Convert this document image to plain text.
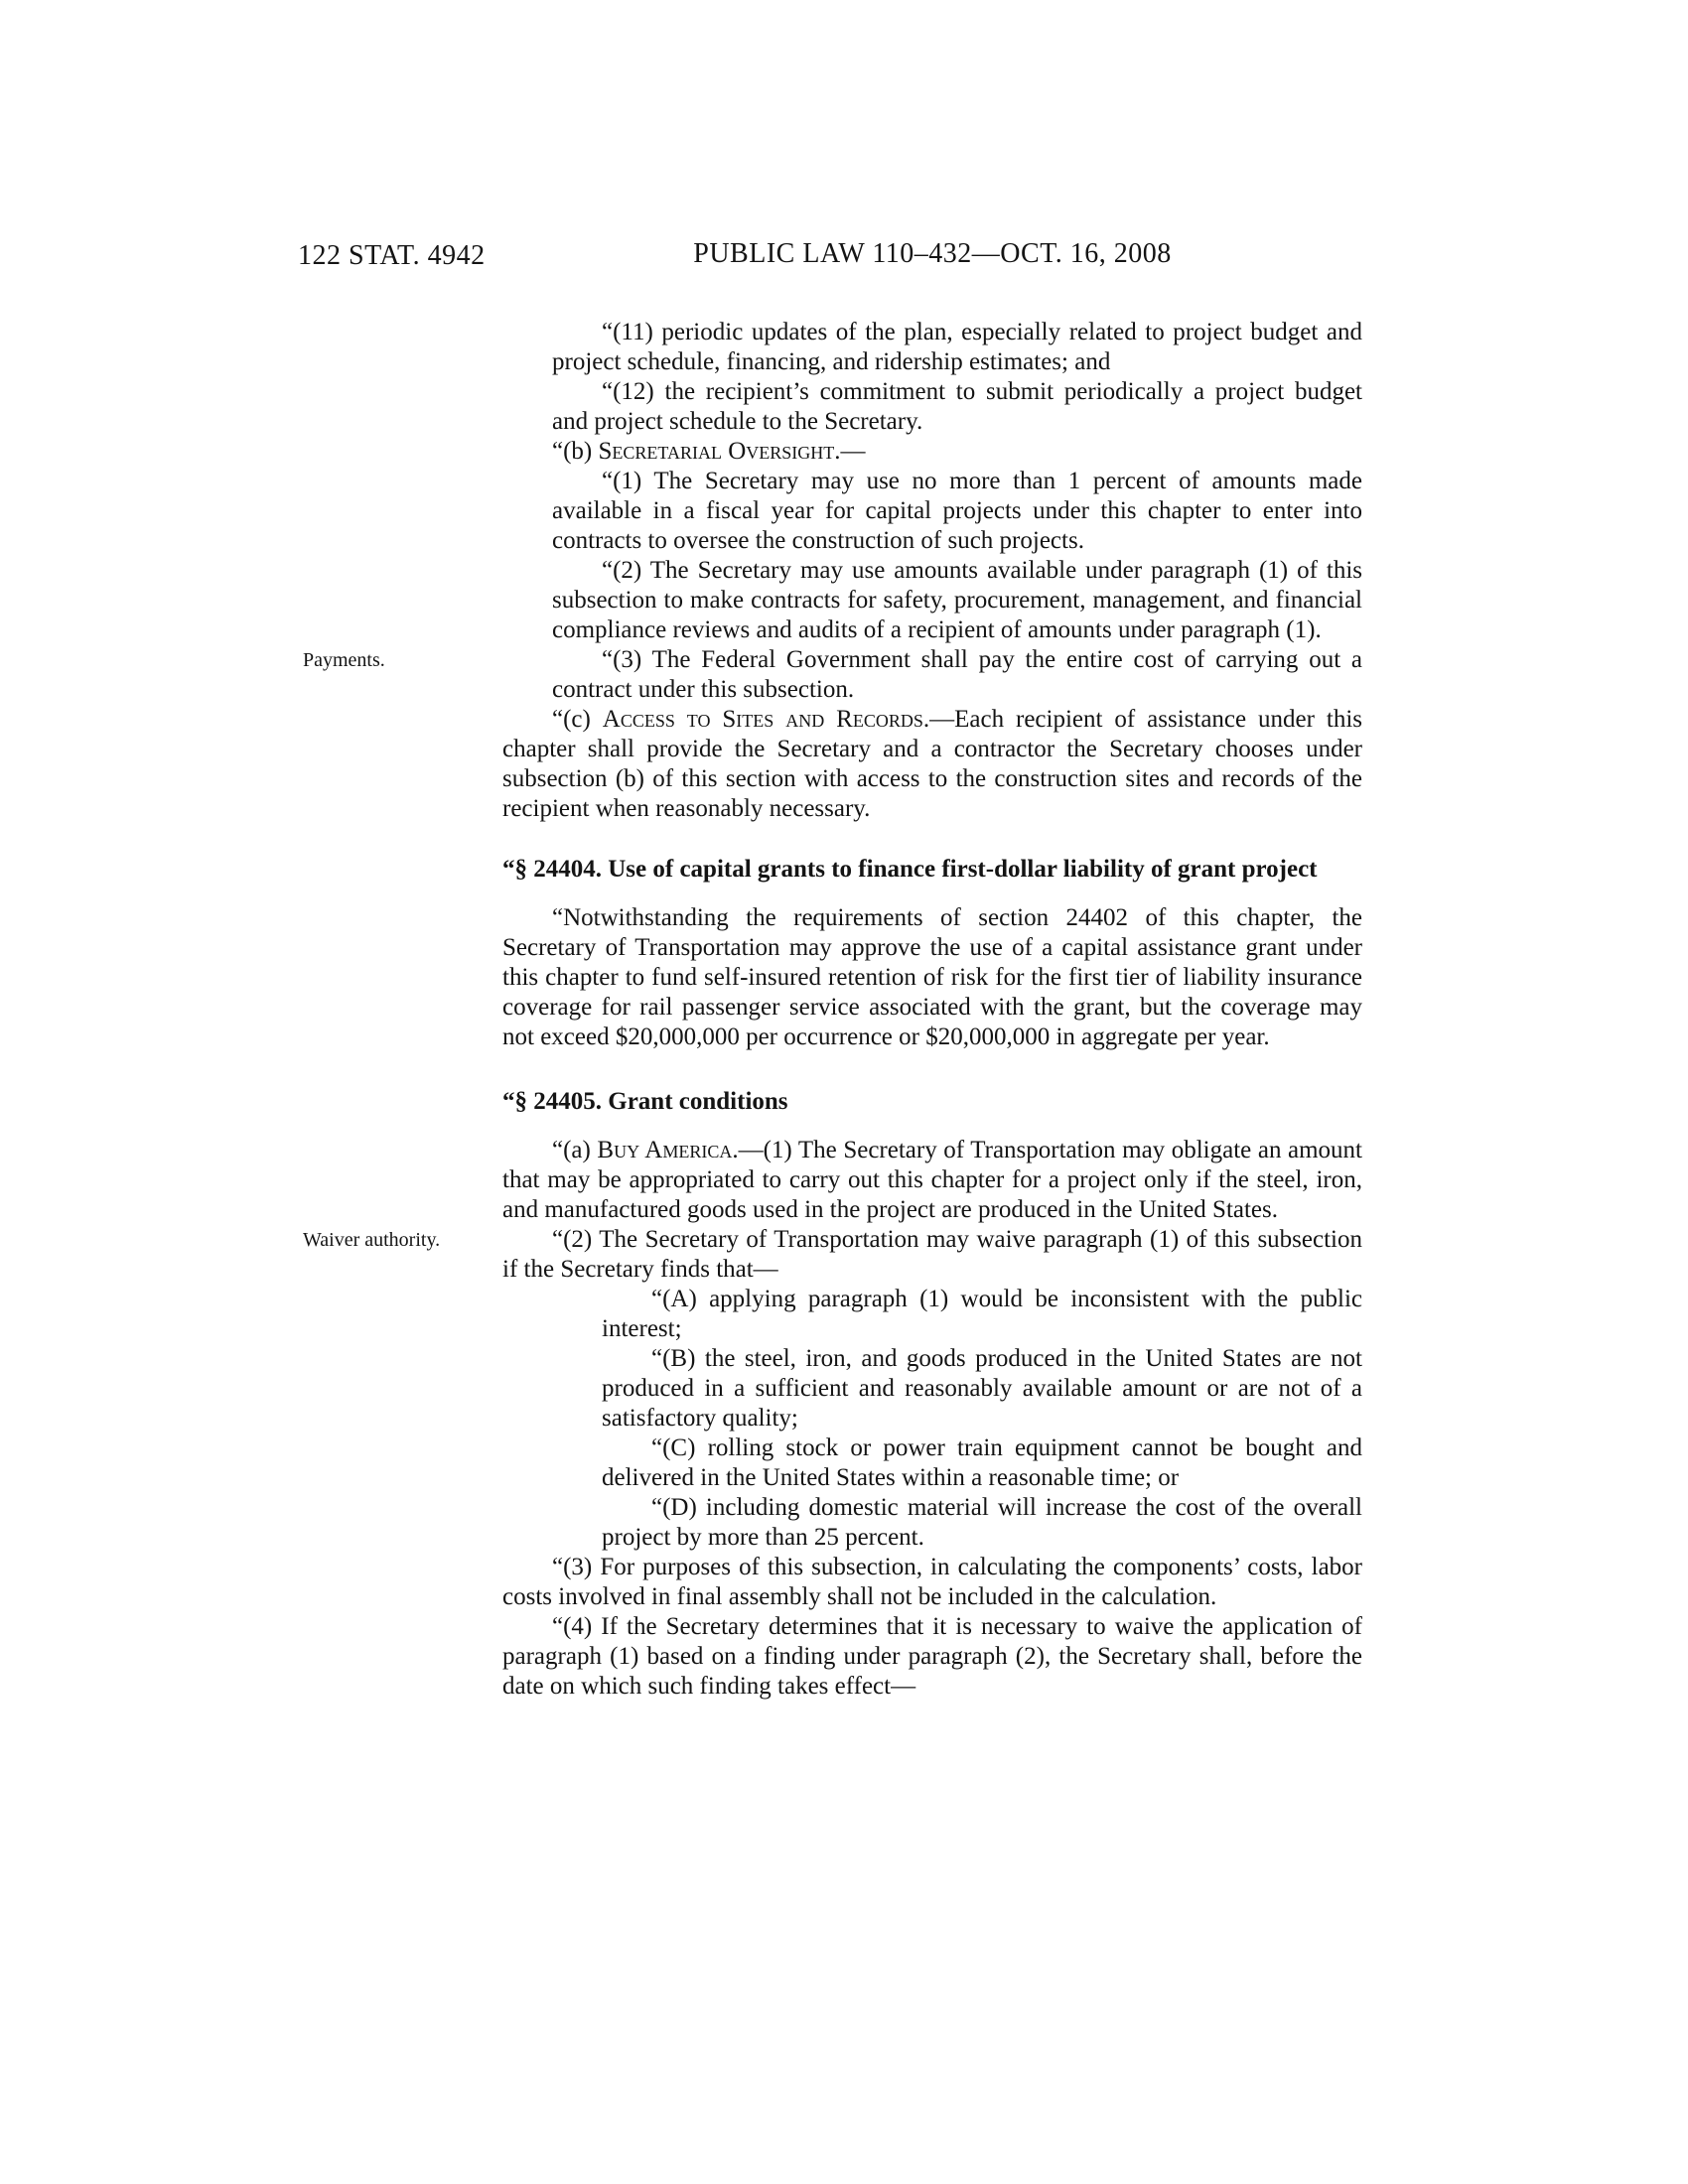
122 STAT. 4942	PUBLIC LAW 110–432—OCT. 16, 2008

“(11) periodic updates of the plan, especially related to project budget and project schedule, financing, and ridership estimates; and

“(12) the recipient’s commitment to submit periodically a project budget and project schedule to the Secretary.

“(b) Secretarial Oversight.—

“(1) The Secretary may use no more than 1 percent of amounts made available in a fiscal year for capital projects under this chapter to enter into contracts to oversee the construction of such projects.

“(2) The Secretary may use amounts available under paragraph (1) of this subsection to make contracts for safety, procurement, management, and financial compliance reviews and audits of a recipient of amounts under paragraph (1).

Payments.	“(3) The Federal Government shall pay the entire cost of carrying out a contract under this subsection.

“(c) Access to Sites and Records.—Each recipient of assistance under this chapter shall provide the Secretary and a contractor the Secretary chooses under subsection (b) of this section with access to the construction sites and records of the recipient when reasonably necessary.

“§ 24404. Use of capital grants to finance first-dollar liability of grant project

“Notwithstanding the requirements of section 24402 of this chapter, the Secretary of Transportation may approve the use of a capital assistance grant under this chapter to fund self-insured retention of risk for the first tier of liability insurance coverage for rail passenger service associated with the grant, but the coverage may not exceed $20,000,000 per occurrence or $20,000,000 in aggregate per year.

“§ 24405. Grant conditions

“(a) Buy America.—(1) The Secretary of Transportation may obligate an amount that may be appropriated to carry out this chapter for a project only if the steel, iron, and manufactured goods used in the project are produced in the United States.

Waiver authority.	“(2) The Secretary of Transportation may waive paragraph (1) of this subsection if the Secretary finds that—

“(A) applying paragraph (1) would be inconsistent with the public interest;

“(B) the steel, iron, and goods produced in the United States are not produced in a sufficient and reasonably available amount or are not of a satisfactory quality;

“(C) rolling stock or power train equipment cannot be bought and delivered in the United States within a reasonable time; or

“(D) including domestic material will increase the cost of the overall project by more than 25 percent.

“(3) For purposes of this subsection, in calculating the components’ costs, labor costs involved in final assembly shall not be included in the calculation.

“(4) If the Secretary determines that it is necessary to waive the application of paragraph (1) based on a finding under paragraph (2), the Secretary shall, before the date on which such finding takes effect—
